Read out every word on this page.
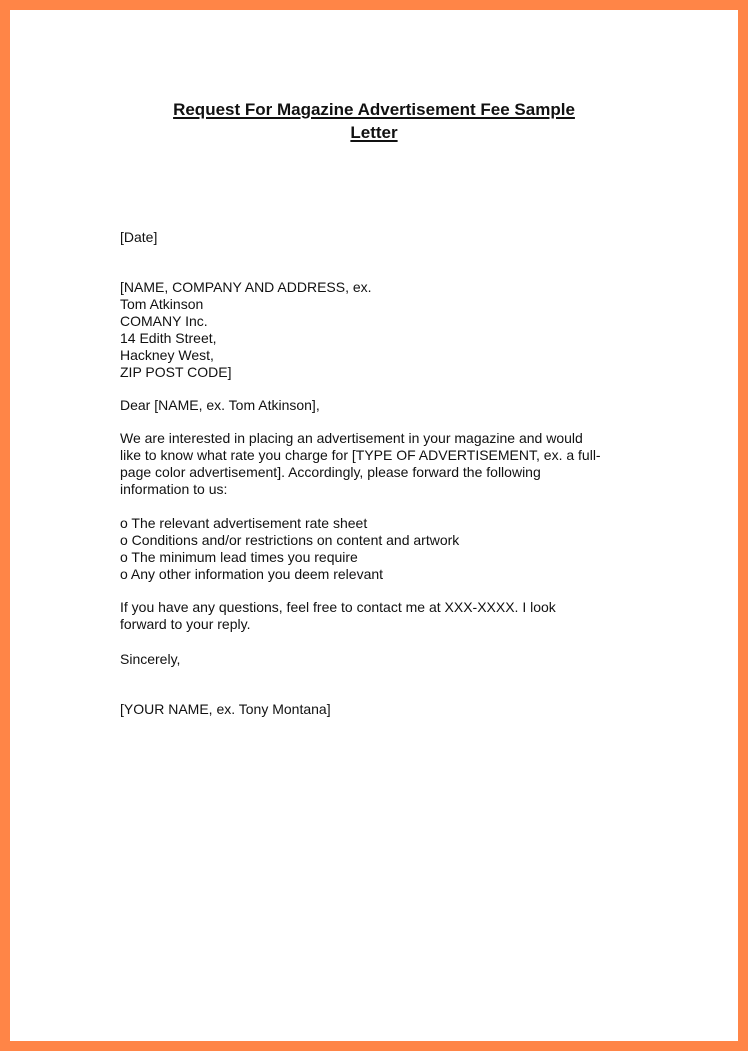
Request For Magazine Advertisement Fee Sample
Letter
[Date]
[NAME, COMPANY AND ADDRESS, ex.
Tom Atkinson
COMANY Inc.
14 Edith Street,
Hackney West,
ZIP POST CODE]
Dear [NAME, ex. Tom Atkinson],
We are interested in placing an advertisement in your magazine and would
like to know what rate you charge for [TYPE OF ADVERTISEMENT, ex. a full-
page color advertisement]. Accordingly, please forward the following
information to us:
o The relevant advertisement rate sheet
o Conditions and/or restrictions on content and artwork
o The minimum lead times you require
o Any other information you deem relevant
If you have any questions, feel free to contact me at XXX-XXXX. I look
forward to your reply.
Sincerely,
[YOUR NAME, ex. Tony Montana]
